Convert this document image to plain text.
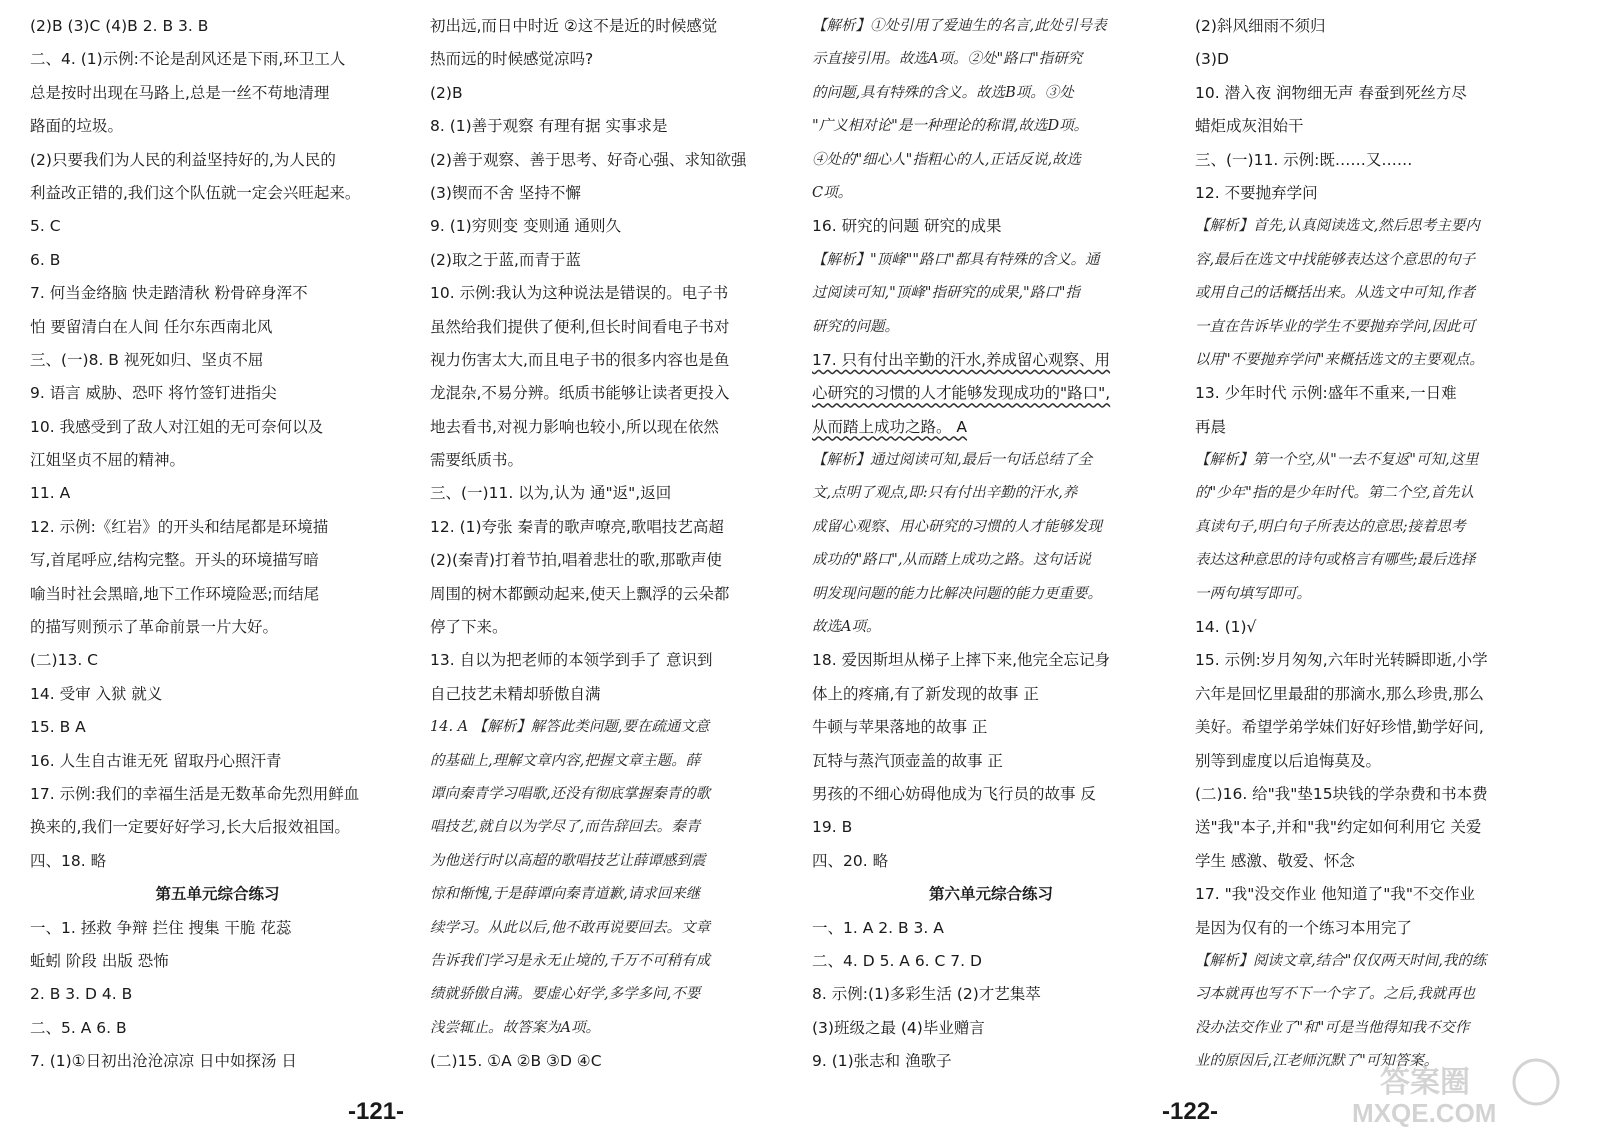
(2)B (3)C (4)B 2. B 3. B
二、4. (1)示例:不论是刮风还是下雨,环卫工人
总是按时出现在马路上,总是一丝不苟地清理
路面的垃圾。
(2)只要我们为人民的利益坚持好的,为人民的
利益改正错的,我们这个队伍就一定会兴旺起来。
5. C
6. B
7. 何当金络脑 快走踏清秋 粉骨碎身浑不
怕 要留清白在人间 任尔东西南北风
三、(一)8. B 视死如归、坚贞不屈
9. 语言 威胁、恐吓 将竹签钉进指尖
10. 我感受到了敌人对江姐的无可奈何以及
江姐坚贞不屈的精神。
11. A
12. 示例:《红岩》的开头和结尾都是环境描
写,首尾呼应,结构完整。开头的环境描写暗
喻当时社会黑暗,地下工作环境险恶;而结尾
的描写则预示了革命前景一片大好。
(二)13. C
14. 受审 入狱 就义
15. B A
16. 人生自古谁无死 留取丹心照汗青
17. 示例:我们的幸福生活是无数革命先烈用鲜血
换来的,我们一定要好好学习,长大后报效祖国。
四、18. 略
第五单元综合练习
一、1. 拯救 争辩 拦住 搜集 干脆 花蕊
蚯蚓 阶段 出版 恐怖
2. B 3. D 4. B
二、5. A 6. B
7. (1)①日初出沧沧凉凉 日中如探汤 日
初出远,而日中时近 ②这不是近的时候感觉
热而远的时候感觉凉吗?
(2)B
8. (1)善于观察 有理有据 实事求是
(2)善于观察、善于思考、好奇心强、求知欲强
(3)锲而不舍 坚持不懈
9. (1)穷则变 变则通 通则久
(2)取之于蓝,而青于蓝
10. 示例:我认为这种说法是错误的。电子书
虽然给我们提供了便利,但长时间看电子书对
视力伤害太大,而且电子书的很多内容也是鱼
龙混杂,不易分辨。纸质书能够让读者更投入
地去看书,对视力影响也较小,所以现在依然
需要纸质书。
三、(一)11. 以为,认为 通"返",返回
12. (1)夸张 秦青的歌声嘹亮,歌唱技艺高超
(2)(秦青)打着节拍,唱着悲壮的歌,那歌声使
周围的树木都颤动起来,使天上飘浮的云朵都
停了下来。
13. 自以为把老师的本领学到手了 意识到
自己技艺未精却骄傲自满
14. A 【解析】解答此类问题,要在疏通文意
的基础上,理解文章内容,把握文章主题。薛
谭向秦青学习唱歌,还没有彻底掌握秦青的歌
唱技艺,就自以为学尽了,而告辞回去。秦青
为他送行时以高超的歌唱技艺让薛谭感到震
惊和惭愧,于是薛谭向秦青道歉,请求回来继
续学习。从此以后,他不敢再说要回去。文章
告诉我们学习是永无止境的,千万不可稍有成
绩就骄傲自满。要虚心好学,多学多问,不要
浅尝辄止。故答案为A项。
(二)15. ①A ②B ③D ④C
【解析】①处引用了爱迪生的名言,此处引号表
示直接引用。故选A项。②处"路口"指研究
的问题,具有特殊的含义。故选B项。③处
"广义相对论"是一种理论的称谓,故选D项。
④处的"细心人"指粗心的人,正话反说,故选
C项。
16. 研究的问题 研究的成果
【解析】"顶峰""路口"都具有特殊的含义。通
过阅读可知,"顶峰"指研究的成果,"路口"指
研究的问题。
17. 只有付出辛勤的汗水,养成留心观察、用
心研究的习惯的人才能够发现成功的"路口",
从而踏上成功之路。 A
【解析】通过阅读可知,最后一句话总结了全
文,点明了观点,即:只有付出辛勤的汗水,养
成留心观察、用心研究的习惯的人才能够发现
成功的"路口",从而踏上成功之路。这句话说
明发现问题的能力比解决问题的能力更重要。
故选A项。
18. 爱因斯坦从梯子上摔下来,他完全忘记身
体上的疼痛,有了新发现的故事 正
牛顿与苹果落地的故事 正
瓦特与蒸汽顶壶盖的故事 正
男孩的不细心妨碍他成为飞行员的故事 反
19. B
四、20. 略
第六单元综合练习
一、1. A 2. B 3. A
二、4. D 5. A 6. C 7. D
8. 示例:(1)多彩生活 (2)才艺集萃
(3)班级之最 (4)毕业赠言
9. (1)张志和 渔歌子
(2)斜风细雨不须归
(3)D
10. 潜入夜 润物细无声 春蚕到死丝方尽
蜡炬成灰泪始干
三、(一)11. 示例:既……又……
12. 不要抛弃学问
【解析】首先,认真阅读选文,然后思考主要内
容,最后在选文中找能够表达这个意思的句子
或用自己的话概括出来。从选文中可知,作者
一直在告诉毕业的学生不要抛弃学问,因此可
以用"不要抛弃学问"来概括选文的主要观点。
13. 少年时代 示例:盛年不重来,一日难
再晨
【解析】第一个空,从"一去不复返"可知,这里
的"少年"指的是少年时代。第二个空,首先认
真读句子,明白句子所表达的意思;接着思考
表达这种意思的诗句或格言有哪些;最后选择
一两句填写即可。
14. (1)√
15. 示例:岁月匆匆,六年时光转瞬即逝,小学
六年是回忆里最甜的那滴水,那么珍贵,那么
美好。希望学弟学妹们好好珍惜,勤学好问,
别等到虚度以后追悔莫及。
(二)16. 给"我"垫15块钱的学杂费和书本费
送"我"本子,并和"我"约定如何利用它 关爱
学生 感激、敬爱、怀念
17. "我"没交作业 他知道了"我"不交作业
是因为仅有的一个练习本用完了
【解析】阅读文章,结合"仅仅两天时间,我的练
习本就再也写不下一个字了。之后,我就再也
没办法交作业了"和"可是当他得知我不交作
业的原因后,江老师沉默了"可知答案。
-121-	-122-
答案圈
MXQE.COM
